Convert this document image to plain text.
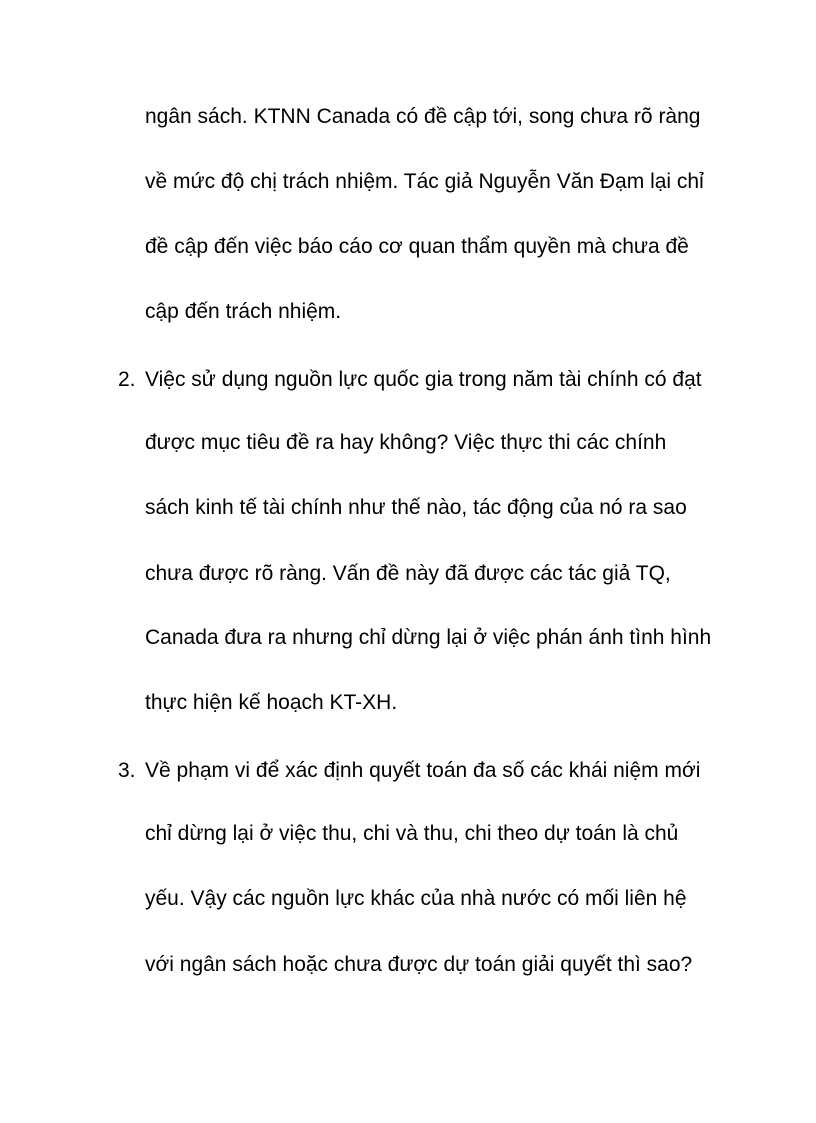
ngân sách. KTNN Canada có đề cập tới, song chưa rõ ràng
về mức độ chị trách nhiệm. Tác giả Nguyễn Văn Đạm lại chỉ
đề cập đến việc báo cáo cơ quan thẩm quyền mà chưa đề
cập đến trách nhiệm.
2. Việc sử dụng nguồn lực quốc gia trong năm tài chính có đạt
được mục tiêu đề ra hay không? Việc thực thi các chính
sách kinh tế tài chính như thế nào, tác động của nó ra sao
chưa được rõ ràng. Vấn đề này đã được các tác giả TQ,
Canada đưa ra nhưng chỉ dừng lại ở việc phán ánh tình hình
thực hiện kế hoạch KT-XH.
3. Về phạm vi để xác định quyết toán đa số các khái niệm mới
chỉ dừng lại ở việc thu, chi và thu, chi theo dự toán là chủ
yếu. Vậy các nguồn lực khác của nhà nước có mối liên hệ
với ngân sách hoặc chưa được dự toán giải quyết thì sao?
